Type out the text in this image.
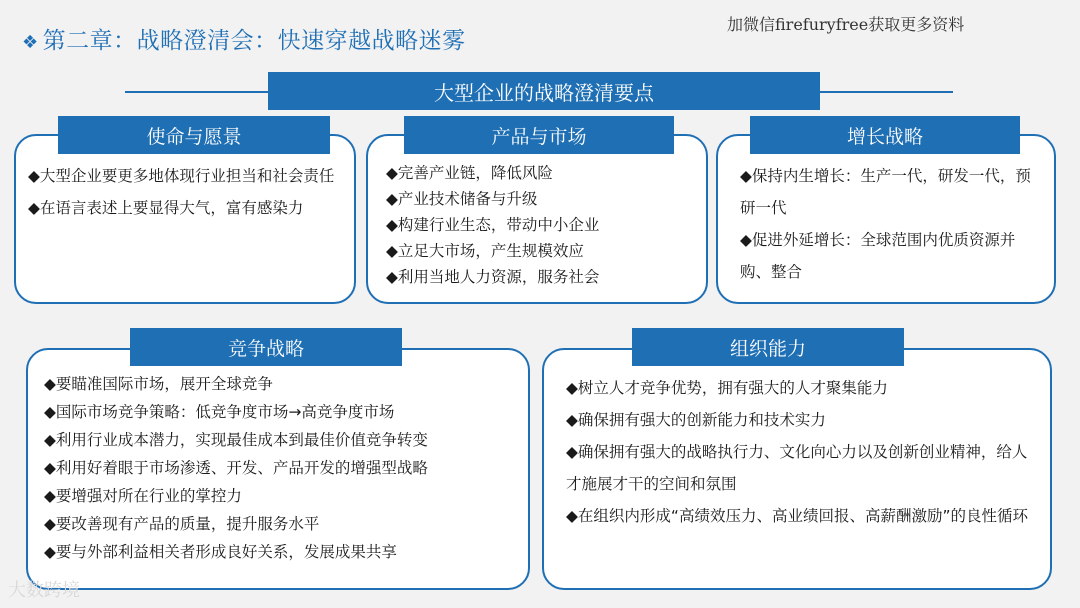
❖ 第二章：战略澄清会：快速穿越战略迷雾
加微信firefuryfree获取更多资料
大型企业的战略澄清要点
使命与愿景
◆大型企业要更多地体现行业担当和社会责任
◆在语言表述上要显得大气，富有感染力
产品与市场
◆完善产业链，降低风险
◆产业技术储备与升级
◆构建行业生态，带动中小企业
◆立足大市场，产生规模效应
◆利用当地人力资源，服务社会
增长战略
◆保持内生增长：生产一代，研发一代，预研一代
◆促进外延增长：全球范围内优质资源并购、整合
竞争战略
◆要瞄准国际市场，展开全球竞争
◆国际市场竞争策略：低竞争度市场→高竞争度市场
◆利用行业成本潜力，实现最佳成本到最佳价值竞争转变
◆利用好着眼于市场渗透、开发、产品开发的增强型战略
◆要增强对所在行业的掌控力
◆要改善现有产品的质量，提升服务水平
◆要与外部利益相关者形成良好关系，发展成果共享
组织能力
◆树立人才竞争优势，拥有强大的人才聚集能力
◆确保拥有强大的创新能力和技术实力
◆确保拥有强大的战略执行力、文化向心力以及创新创业精神，给人才施展才干的空间和氛围
◆在组织内形成“高绩效压力、高业绩回报、高薪酬激励”的良性循环
大数跨境
